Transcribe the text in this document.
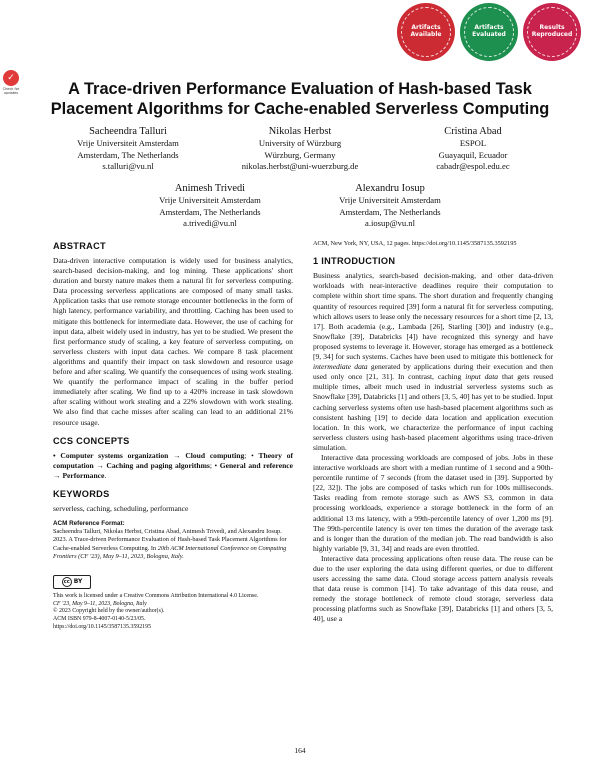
Artifacts Available
Artifacts Evaluated
Results Reproduced
✓
Check for updates	A Trace-driven Performance Evaluation of Hash-based Task
Placement Algorithms for Cache-enabled Serverless Computing
Sacheendra Talluri
Vrije Universiteit Amsterdam
Amsterdam, The Netherlands
s.talluri@vu.nl
Nikolas Herbst
University of Würzburg
Würzburg, Germany
nikolas.herbst@uni-wuerzburg.de
Cristina Abad
ESPOL
Guayaquil, Ecuador
cabadr@espol.edu.ec
Animesh Trivedi
Vrije Universiteit Amsterdam
Amsterdam, The Netherlands
a.trivedi@vu.nl
Alexandru Iosup
Vrije Universiteit Amsterdam
Amsterdam, The Netherlands
a.iosup@vu.nl
ABSTRACT
Data-driven interactive computation is widely used for business analytics, search-based decision-making, and log mining. These applications' short duration and bursty nature makes them a natural fit for serverless computing. Data processing serverless applications are composed of many small tasks. Application tasks that use remote storage encounter bottlenecks in the form of high latency, performance variability, and throttling. Caching has been used to mitigate this bottleneck for intermediate data. However, the use of caching for input data, albeit widely used in industry, has yet to be studied. We present the first performance study of scaling, a key feature of serverless computing, on serverless clusters with input data caches. We compare 8 task placement algorithms and quantify their impact on task slowdown and resource usage before and after scaling. We quantify the consequences of using work stealing. We quantify the performance impact of scaling in the buffer period immediately after scaling. We find up to a 420% increase in task slowdown after scaling without work stealing and a 22% slowdown with work stealing. We also find that cache misses after scaling can lead to an additional 21% resource usage.
CCS CONCEPTS
• Computer systems organization → Cloud computing; • Theory of computation → Caching and paging algorithms; • General and reference → Performance.
KEYWORDS
serverless, caching, scheduling, performance
ACM Reference Format:
Sacheendra Talluri, Nikolas Herbst, Cristina Abad, Animesh Trivedi, and Alexandru Iosup. 2023. A Trace-driven Performance Evaluation of Hash-based Task Placement Algorithms for Cache-enabled Serverless Computing. In 20th ACM International Conference on Computing Frontiers (CF '23), May 9–11, 2023, Bologna, Italy.
cc BY
This work is licensed under a Creative Commons Attribution International 4.0 License.
CF '23, May 9–11, 2023, Bologna, Italy
© 2023 Copyright held by the owner/author(s).
ACM ISBN 979-8-4007-0140-5/23/05.
https://doi.org/10.1145/3587135.3592195
ACM, New York, NY, USA, 12 pages. https://doi.org/10.1145/3587135.3592195
1 INTRODUCTION
Business analytics, search-based decision-making, and other data-driven workloads with near-interactive deadlines require their computation to complete within short time spans. The short duration and frequently changing quantity of resources required [39] form a natural fit for serverless computing, which allows users to lease only the necessary resources for a short time [2, 13, 17]. Both academia (e.g., Lambada [26], Starling [30]) and industry (e.g., Snowflake [39], Databricks [4]) have recognized this synergy and have proposed systems to leverage it. However, storage has emerged as a bottleneck [9, 34] for such systems. Caches have been used to mitigate this bottleneck for intermediate data generated by applications during their execution and then used only once [21, 31]. In contrast, caching input data that gets reused multiple times, albeit much used in industrial serverless systems such as Snowflake [39], Databricks [1] and others [3, 5, 40] has yet to be studied. Input caching serverless systems often use hash-based placement algorithms such as consistent hashing [19] to decide data location and application execution location. In this work, we characterize the performance of input caching serverless clusters using hash-based placement algorithms using trace-driven simulation.
Interactive data processing workloads are composed of jobs. Jobs in these interactive workloads are short with a median runtime of 1 second and a 90th-percentile runtime of 7 seconds (from the dataset used in [39]. Supported by [22, 32]). The jobs are composed of tasks which run for 100s milliseconds. Tasks reading from remote storage such as AWS S3, common in data processing workloads, experience a storage bottleneck in the form of an additional 13 ms latency, with a 99th-percentile latency of over 1,200 ms [9]. The 99th-percentile latency is over ten times the duration of the average task and is longer than the duration of the median job. The read bandwidth is also highly variable [9, 31, 34] and reads are even throttled.
Interactive data processing applications often reuse data. The reuse can be due to the user exploring the data using different queries, or due to different users accessing the same data. Cloud storage access pattern analysis reveals that data reuse is common [14]. To take advantage of this data reuse, and remedy the storage bottleneck of remote cloud storage, serverless data processing platforms such as Snowflake [39], Databricks [1] and others [3, 5, 40], use a
164
